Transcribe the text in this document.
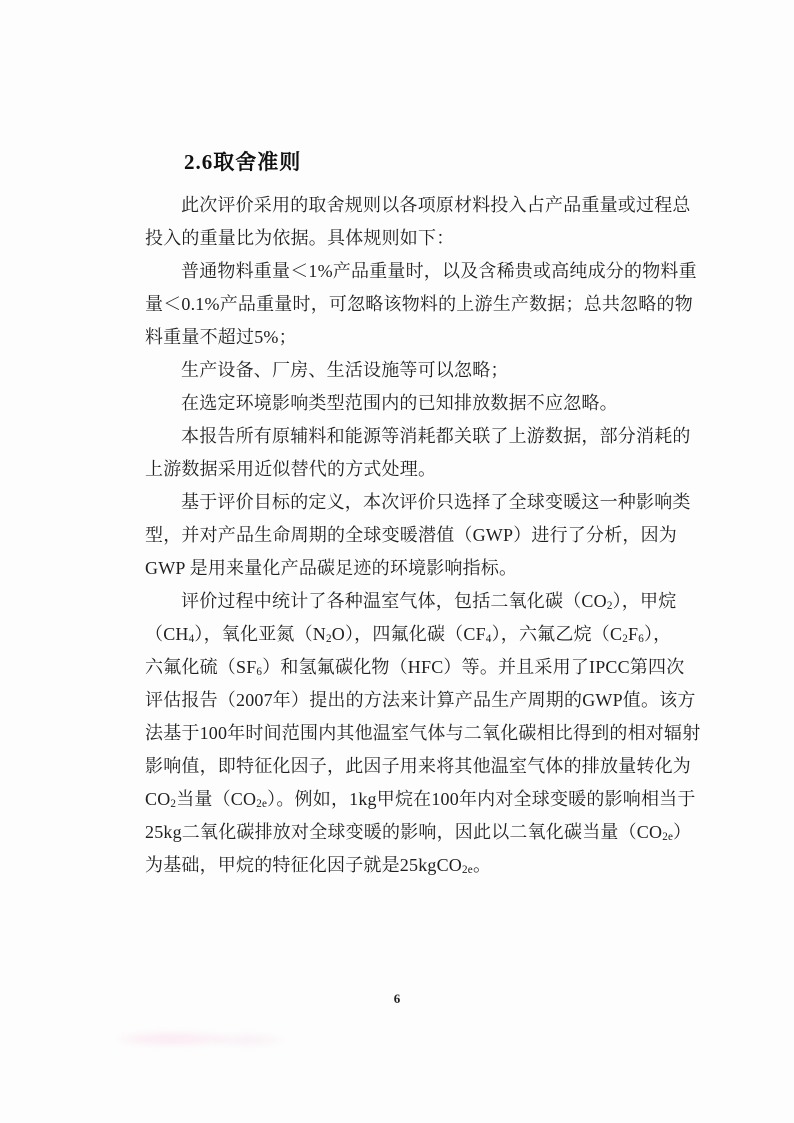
2.6取舍准则
此次评价采用的取舍规则以各项原材料投入占产品重量或过程总
投入的重量比为依据。具体规则如下：
普通物料重量＜1%产品重量时，以及含稀贵或高纯成分的物料重
量＜0.1%产品重量时，可忽略该物料的上游生产数据；总共忽略的物
料重量不超过5%；
生产设备、厂房、生活设施等可以忽略；
在选定环境影响类型范围内的已知排放数据不应忽略。
本报告所有原辅料和能源等消耗都关联了上游数据，部分消耗的
上游数据采用近似替代的方式处理。
基于评价目标的定义，本次评价只选择了全球变暖这一种影响类
型，并对产品生命周期的全球变暖潜值（GWP）进行了分析，因为
GWP 是用来量化产品碳足迹的环境影响指标。
评价过程中统计了各种温室气体，包括二氧化碳$(CO_2)$，甲烷
$(CH_4)$，氧化亚氮$(N_2O)$，四氟化碳$(CF_4)$，六氟乙烷$(C_2F_6)$，
六氟化硫$(SF_6)$和氢氟碳化物（HFC）等。并且采用了IPCC第四次
评估报告（2007年）提出的方法来计算产品生产周期的GWP值。该方
法基于100年时间范围内其他温室气体与二氧化碳相比得到的相对辐射
影响值，即特征化因子，此因子用来将其他温室气体的排放量转化为
$CO_2$当量$(CO_{2e})$。例如，1kg甲烷在100年内对全球变暖的影响相当于
25kg二氧化碳排放对全球变暖的影响，因此以二氧化碳当量$(CO_{2e})$
为基础，甲烷的特征化因子就是25kgCO$_{2e}$。
6
